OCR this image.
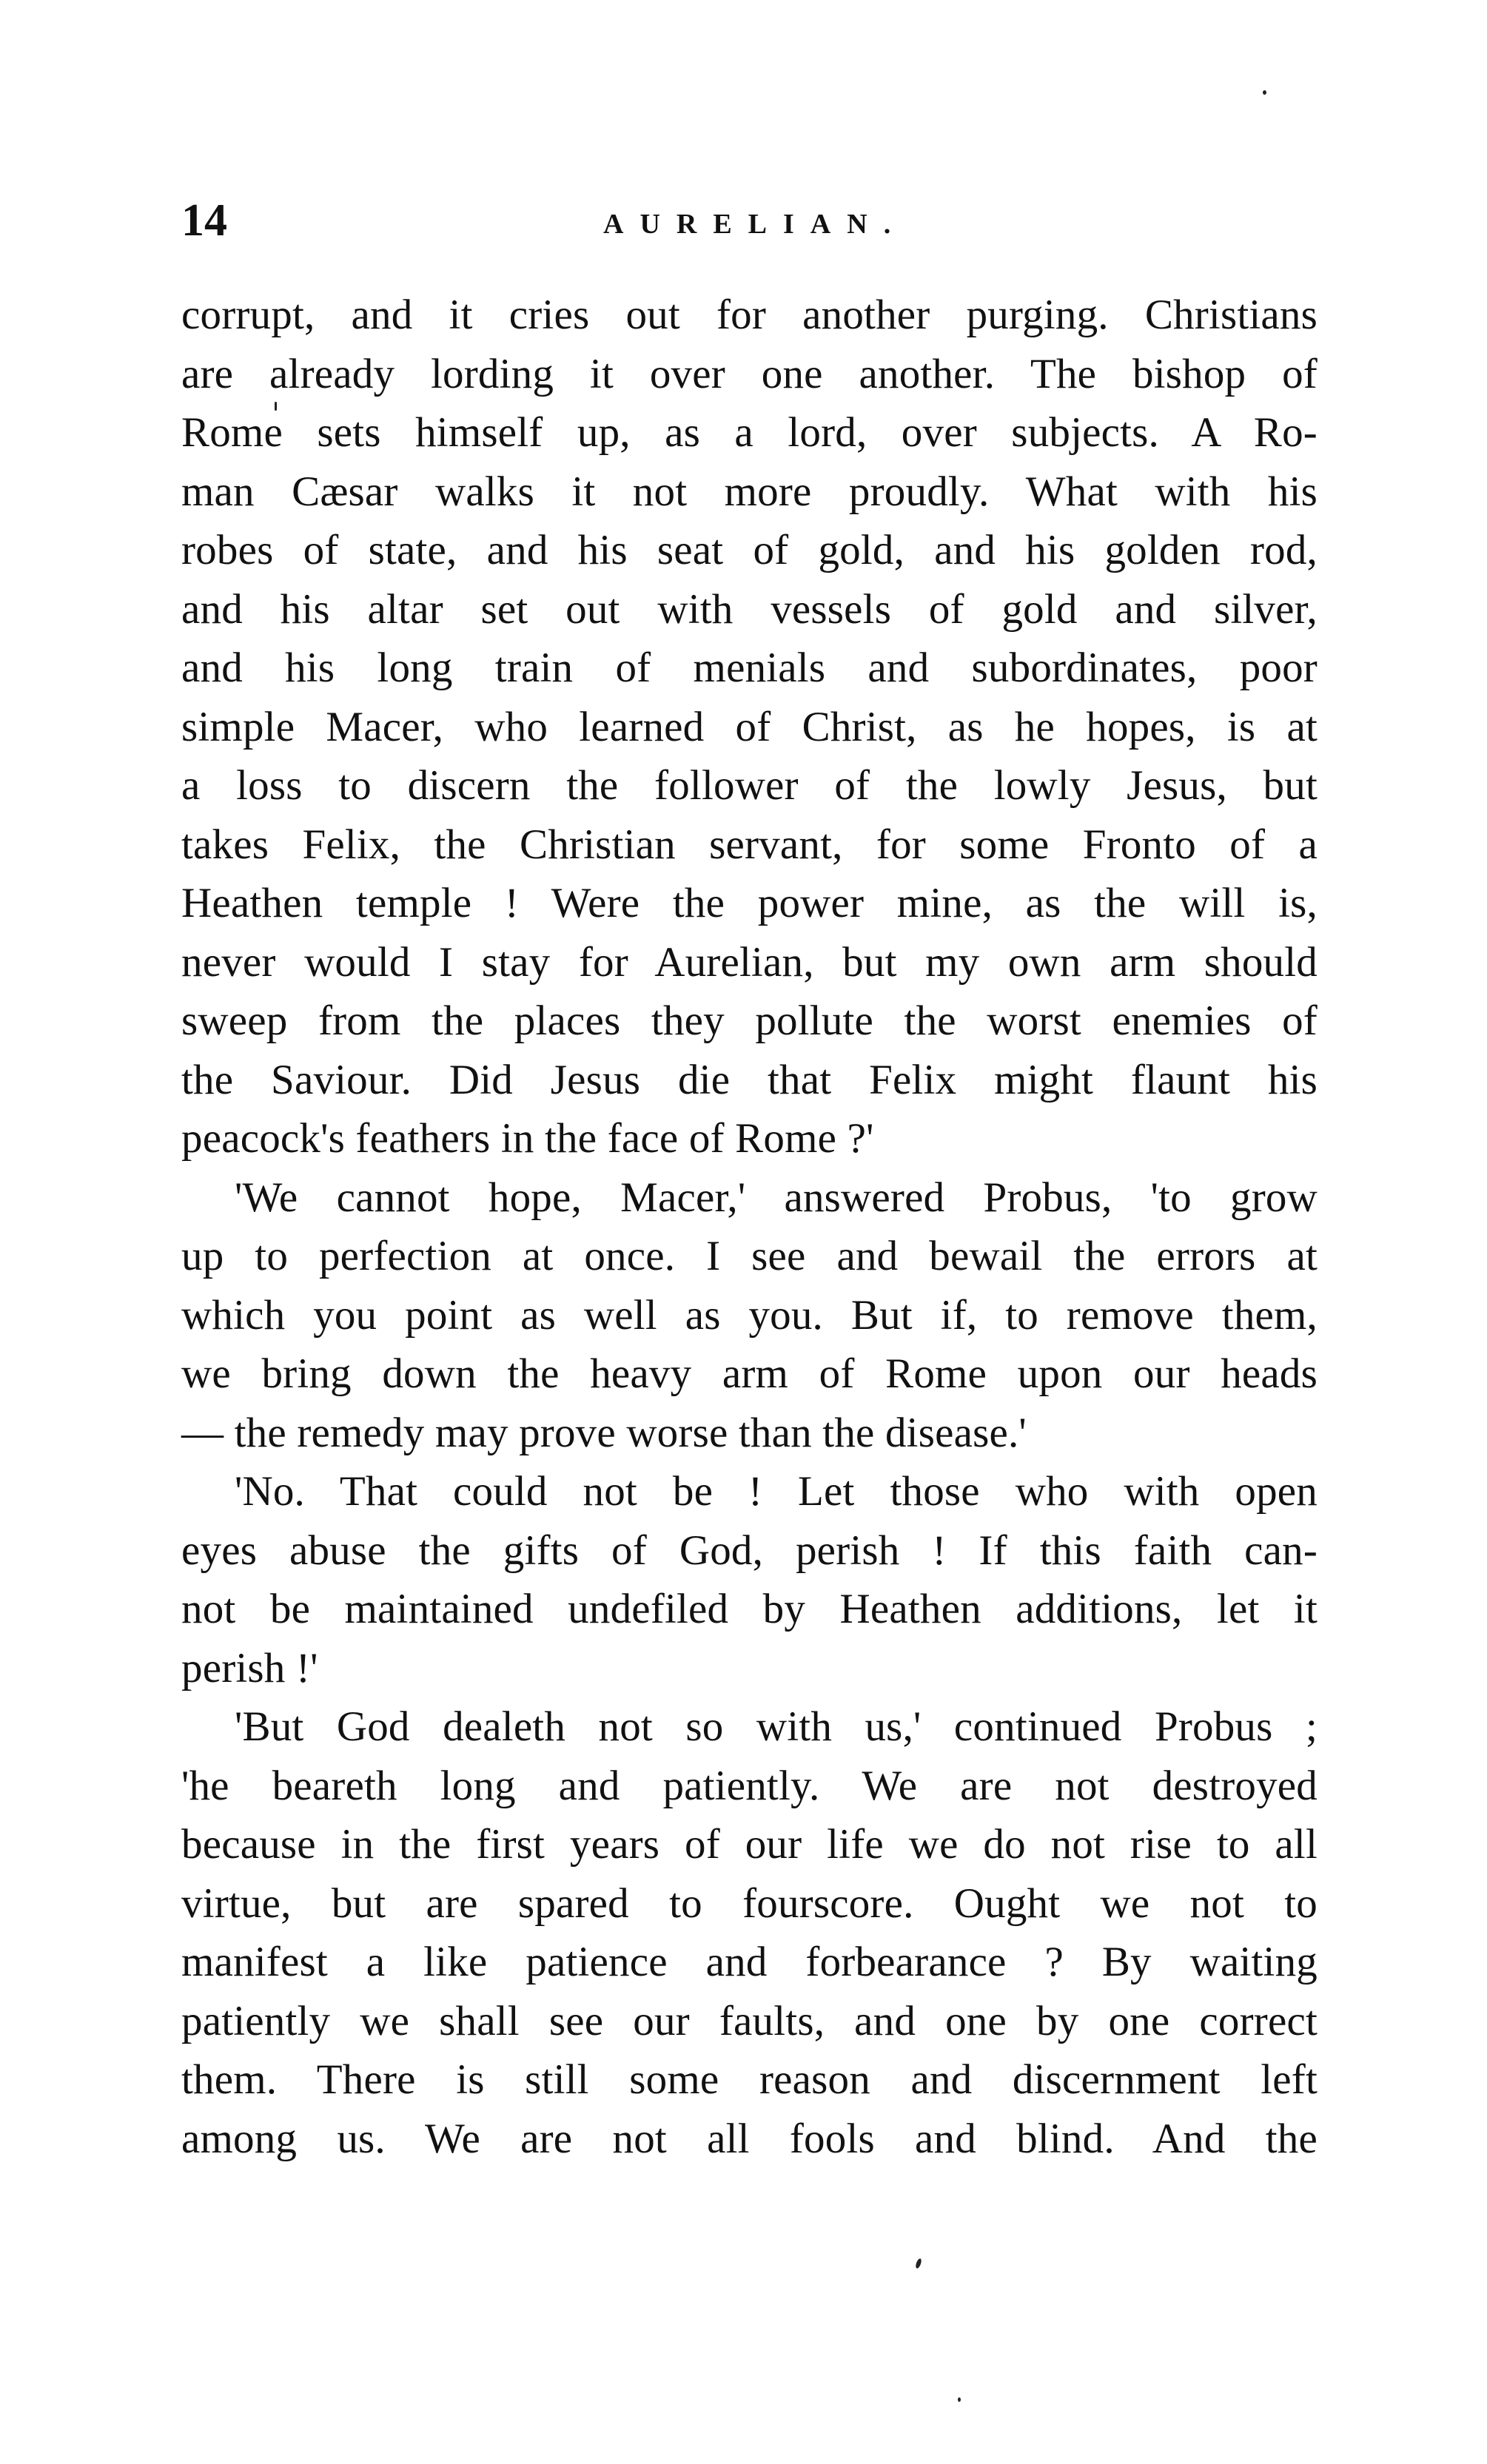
14	AURELIAN.
corrupt, and it cries out for another purging. Christians
are already lording it over one another. The bishop of
Rome sets himself up, as a lord, over subjects. A Ro-
man Cæsar walks it not more proudly. What with his
robes of state, and his seat of gold, and his golden rod,
and his altar set out with vessels of gold and silver,
and his long train of menials and subordinates, poor
simple Macer, who learned of Christ, as he hopes, is at
a loss to discern the follower of the lowly Jesus, but
takes Felix, the Christian servant, for some Fronto of a
Heathen temple ! Were the power mine, as the will is,
never would I stay for Aurelian, but my own arm should
sweep from the places they pollute the worst enemies of
the Saviour. Did Jesus die that Felix might flaunt his
peacock's feathers in the face of Rome ?'
'We cannot hope, Macer,' answered Probus, 'to grow
up to perfection at once. I see and bewail the errors at
which you point as well as you. But if, to remove them,
we bring down the heavy arm of Rome upon our heads
— the remedy may prove worse than the disease.'
'No. That could not be ! Let those who with open
eyes abuse the gifts of God, perish ! If this faith can-
not be maintained undefiled by Heathen additions, let it
perish !'
'But God dealeth not so with us,' continued Probus ;
'he beareth long and patiently. We are not destroyed
because in the first years of our life we do not rise to all
virtue, but are spared to fourscore. Ought we not to
manifest a like patience and forbearance ? By waiting
patiently we shall see our faults, and one by one correct
them. There is still some reason and discernment left
among us. We are not all fools and blind. And the
